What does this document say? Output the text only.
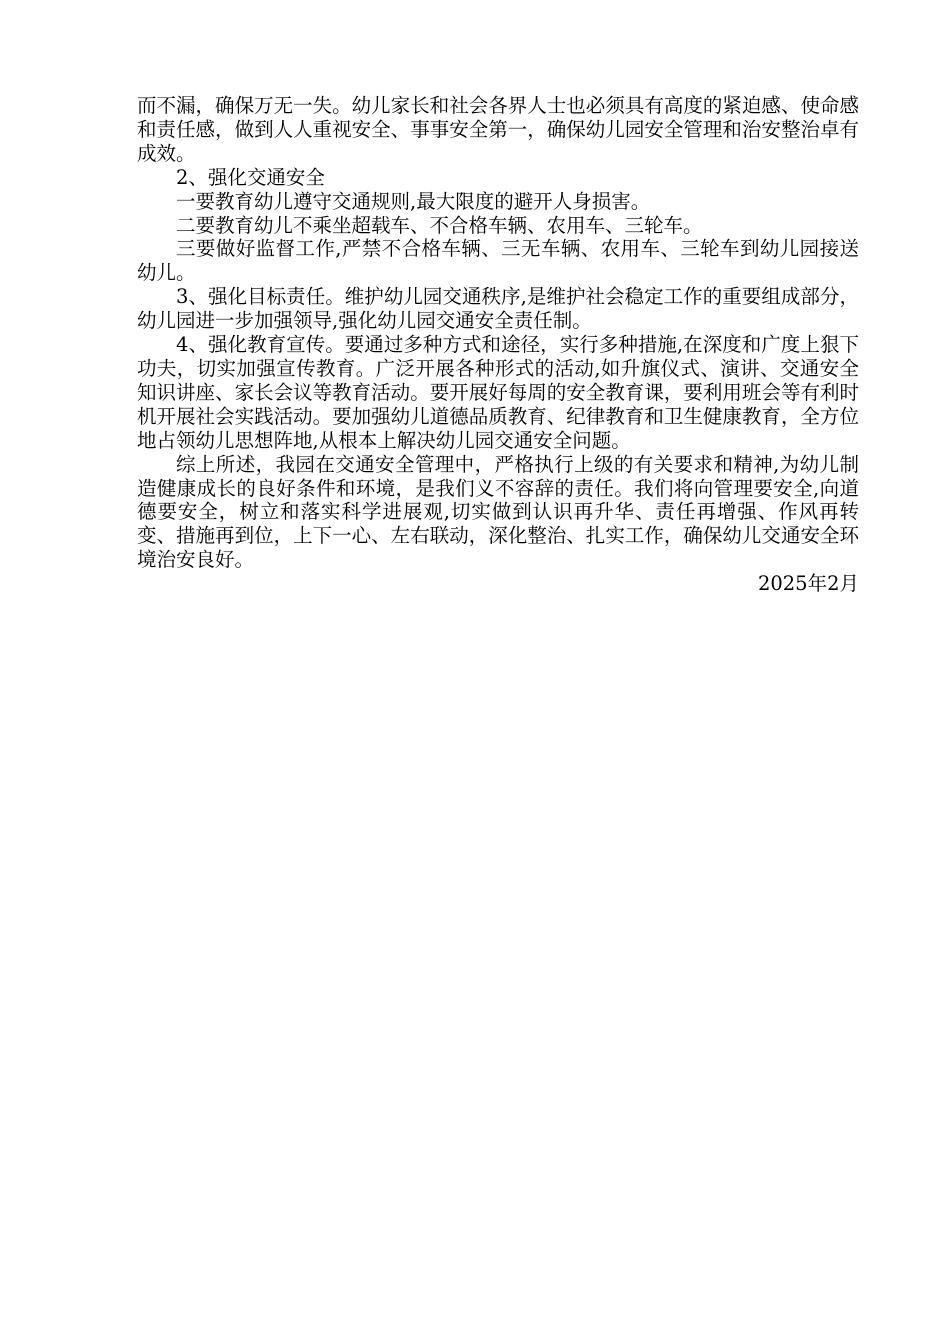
而不漏，确保万无一失。幼儿家长和社会各界人士也必须具有高度的紧迫感、使命感和责任感，做到人人重视安全、事事安全第一，确保幼儿园安全管理和治安整治卓有成效。

2、强化交通安全

一要教育幼儿遵守交通规则,最大限度的避开人身损害。

二要教育幼儿不乘坐超载车、不合格车辆、农用车、三轮车。

三要做好监督工作,严禁不合格车辆、三无车辆、农用车、三轮车到幼儿园接送幼儿。

3、强化目标责任。维护幼儿园交通秩序,是维护社会稳定工作的重要组成部分，幼儿园进一步加强领导,强化幼儿园交通安全责任制。

4、强化教育宣传。要通过多种方式和途径，实行多种措施,在深度和广度上狠下功夫，切实加强宣传教育。广泛开展各种形式的活动,如升旗仪式、演讲、交通安全知识讲座、家长会议等教育活动。要开展好每周的安全教育课，要利用班会等有利时机开展社会实践活动。要加强幼儿道德品质教育、纪律教育和卫生健康教育，全方位地占领幼儿思想阵地,从根本上解决幼儿园交通安全问题。

综上所述，我园在交通安全管理中，严格执行上级的有关要求和精神,为幼儿制造健康成长的良好条件和环境，是我们义不容辞的责任。我们将向管理要安全,向道德要安全，树立和落实科学进展观,切实做到认识再升华、责任再增强、作风再转变、措施再到位，上下一心、左右联动，深化整治、扎实工作，确保幼儿交通安全环境治安良好。

2025年2月
